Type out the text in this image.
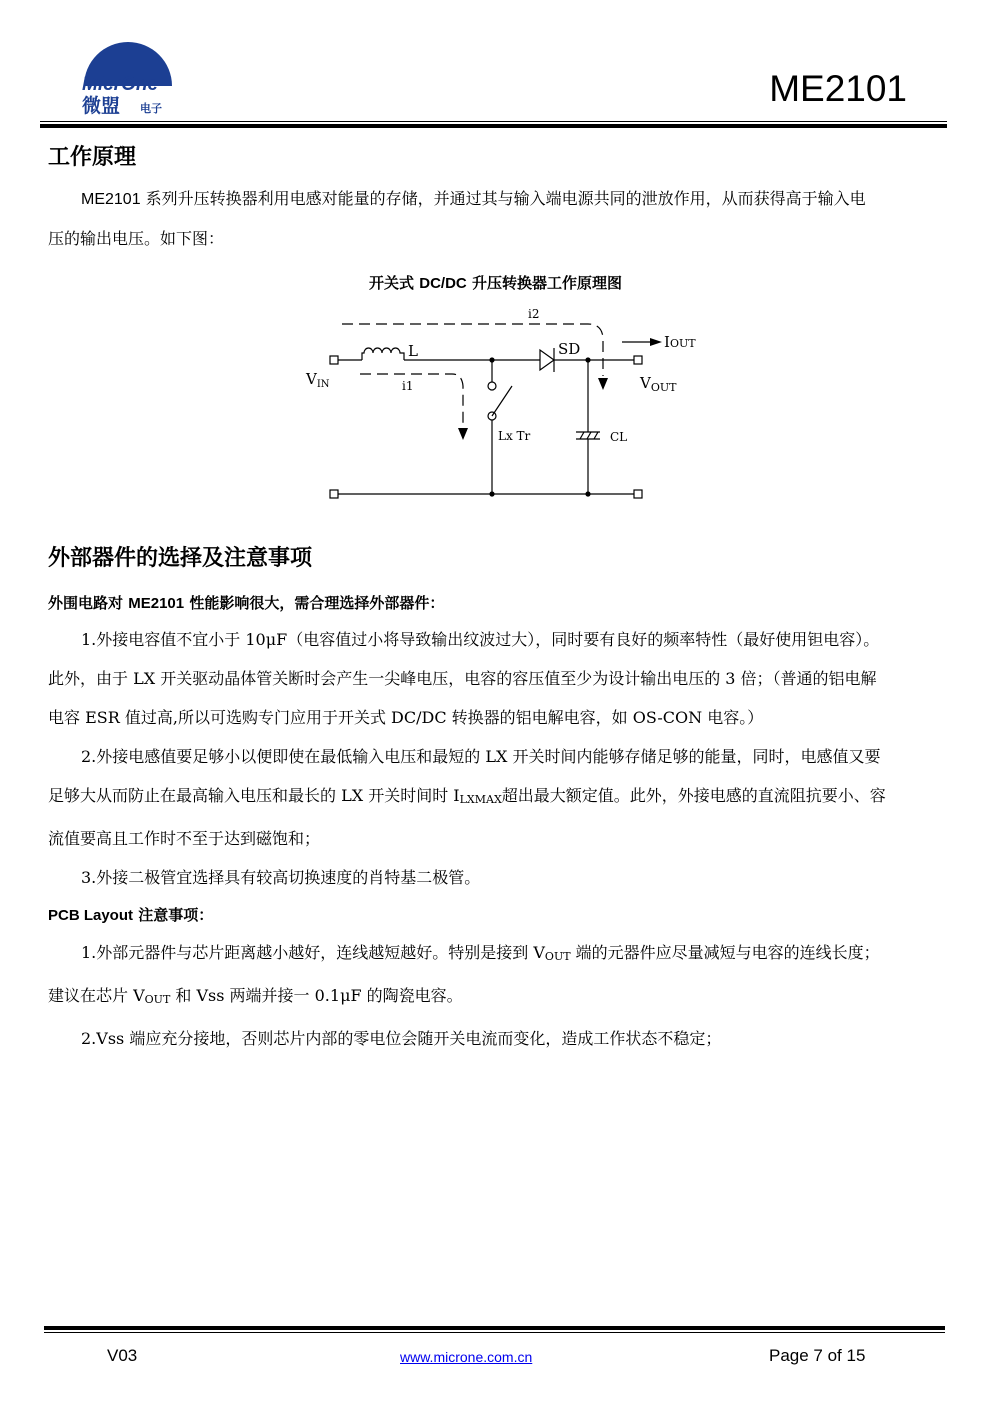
MicrOne
微盟 电子	ME2101
工作原理

ME2101 系列升压转换器利用电感对能量的存储，并通过其与输入端电源共同的泄放作用，从而获得高于输入电

压的输出电压。如下图：

开关式 DC/DC 升压转换器工作原理图
i2
L	SD	IOUT
$V_{IN}$	i1	$V_{OUT}$
Lx Tr	CL
外部器件的选择及注意事项
外围电路对 ME2101 性能影响很大，需合理选择外部器件：

1.外接电容值不宜小于 10μF（电容值过小将导致输出纹波过大），同时要有良好的频率特性（最好使用钽电容）。

此外，由于 LX 开关驱动晶体管关断时会产生一尖峰电压，电容的容压值至少为设计输出电压的 3 倍；（普通的铝电解

电容 ESR 值过高,所以可选购专门应用于开关式 DC/DC 转换器的铝电解电容，如 OS-CON 电容。）

2.外接电感值要足够小以便即使在最低输入电压和最短的 LX 开关时间内能够存储足够的能量，同时，电感值又要

足够大从而防止在最高输入电压和最长的 LX 开关时间时 ILXMAX超出最大额定值。此外，外接电感的直流阻抗要小、容

流值要高且工作时不至于达到磁饱和；

3.外接二极管宜选择具有较高切换速度的肖特基二极管。

PCB Layout 注意事项：

1.外部元器件与芯片距离越小越好，连线越短越好。特别是接到 VOUT 端的元器件应尽量减短与电容的连线长度；

建议在芯片 VOUT 和 Vss 两端并接一 0.1μF 的陶瓷电容。

2.Vss 端应充分接地，否则芯片内部的零电位会随开关电流而变化，造成工作状态不稳定；

V03	www.microne.com.cn	Page 7 of 15
